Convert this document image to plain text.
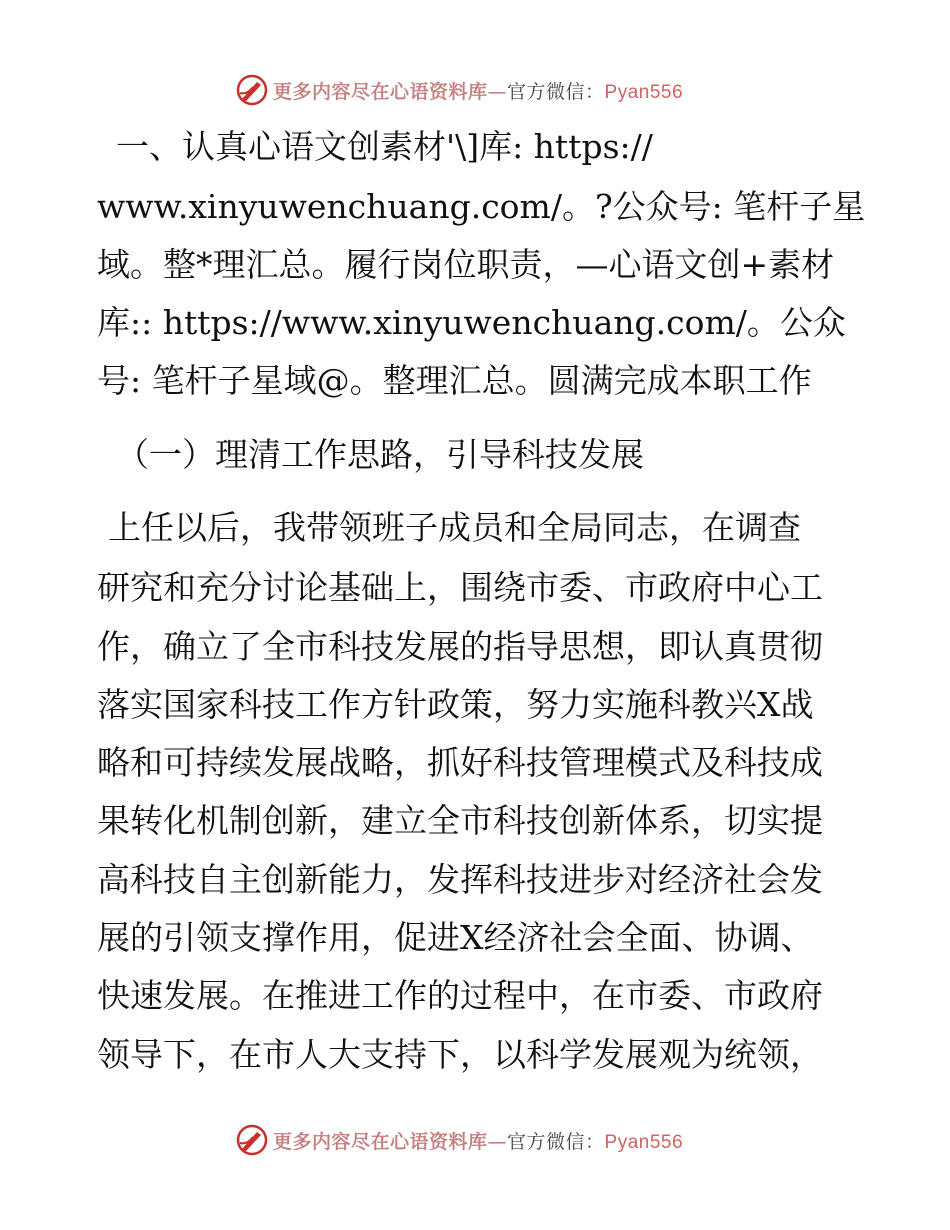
更多内容尽在心语资料库—官方微信：Pyan556
一、认真心语文创素材'\]库: https://
www.xinyuwenchuang.com/。?公众号: 笔杆子星
域。整*理汇总。履行岗位职责，—心语文创+素材
库:: https://www.xinyuwenchuang.com/。公众
号: 笔杆子星域@。整理汇总。圆满完成本职工作
（一）理清工作思路，引导科技发展
上任以后，我带领班子成员和全局同志，在调查
研究和充分讨论基础上，围绕市委、市政府中心工
作，确立了全市科技发展的指导思想，即认真贯彻
落实国家科技工作方针政策，努力实施科教兴X战
略和可持续发展战略，抓好科技管理模式及科技成
果转化机制创新，建立全市科技创新体系，切实提
高科技自主创新能力，发挥科技进步对经济社会发
展的引领支撑作用，促进X经济社会全面、协调、
快速发展。在推进工作的过程中，在市委、市政府
领导下，在市人大支持下，以科学发展观为统领，
更多内容尽在心语资料库—官方微信：Pyan556
